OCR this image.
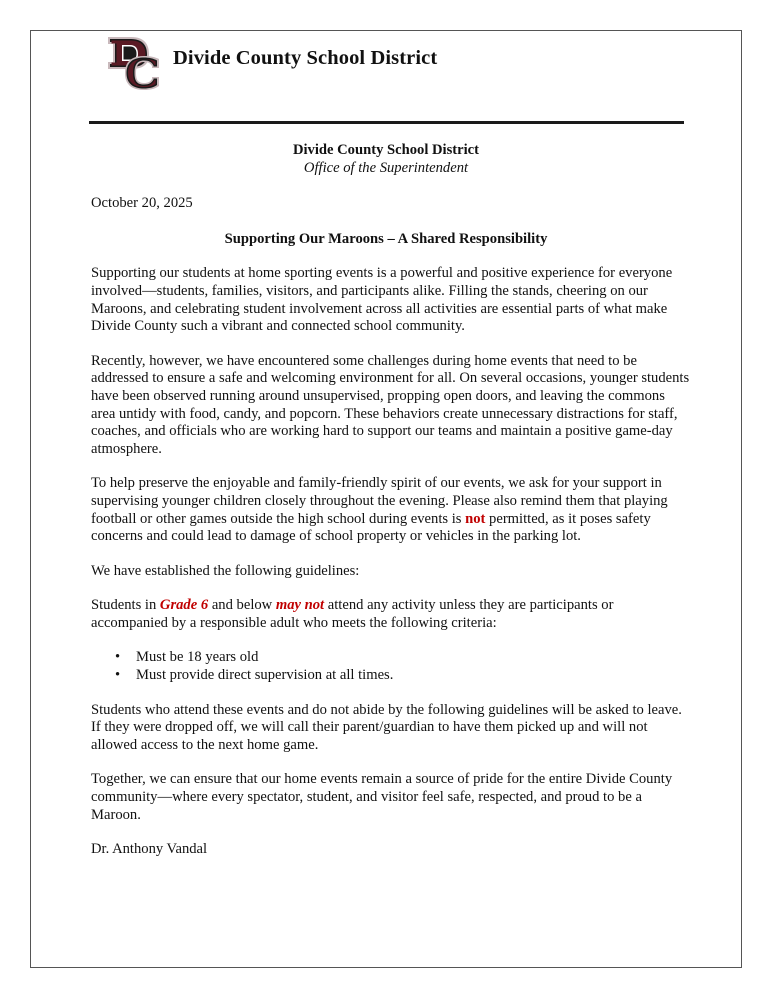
Divide County School District

Divide County School District

Office of the Superintendent

October 20, 2025

Supporting Our Maroons – A Shared Responsibility

Supporting our students at home sporting events is a powerful and positive experience for everyone involved—students, families, visitors, and participants alike. Filling the stands, cheering on our Maroons, and celebrating student involvement across all activities are essential parts of what make Divide County such a vibrant and connected school community.

Recently, however, we have encountered some challenges during home events that need to be addressed to ensure a safe and welcoming environment for all. On several occasions, younger students have been observed running around unsupervised, propping open doors, and leaving the commons area untidy with food, candy, and popcorn. These behaviors create unnecessary distractions for staff, coaches, and officials who are working hard to support our teams and maintain a positive game-day atmosphere.

To help preserve the enjoyable and family-friendly spirit of our events, we ask for your support in supervising younger children closely throughout the evening. Please also remind them that playing football or other games outside the high school during events is not permitted, as it poses safety concerns and could lead to damage of school property or vehicles in the parking lot.

We have established the following guidelines:

Students in Grade 6 and below may not attend any activity unless they are participants or accompanied by a responsible adult who meets the following criteria:

• Must be 18 years old
• Must provide direct supervision at all times.

Students who attend these events and do not abide by the following guidelines will be asked to leave. If they were dropped off, we will call their parent/guardian to have them picked up and will not allowed access to the next home game.

Together, we can ensure that our home events remain a source of pride for the entire Divide County community—where every spectator, student, and visitor feel safe, respected, and proud to be a Maroon.

Dr. Anthony Vandal
